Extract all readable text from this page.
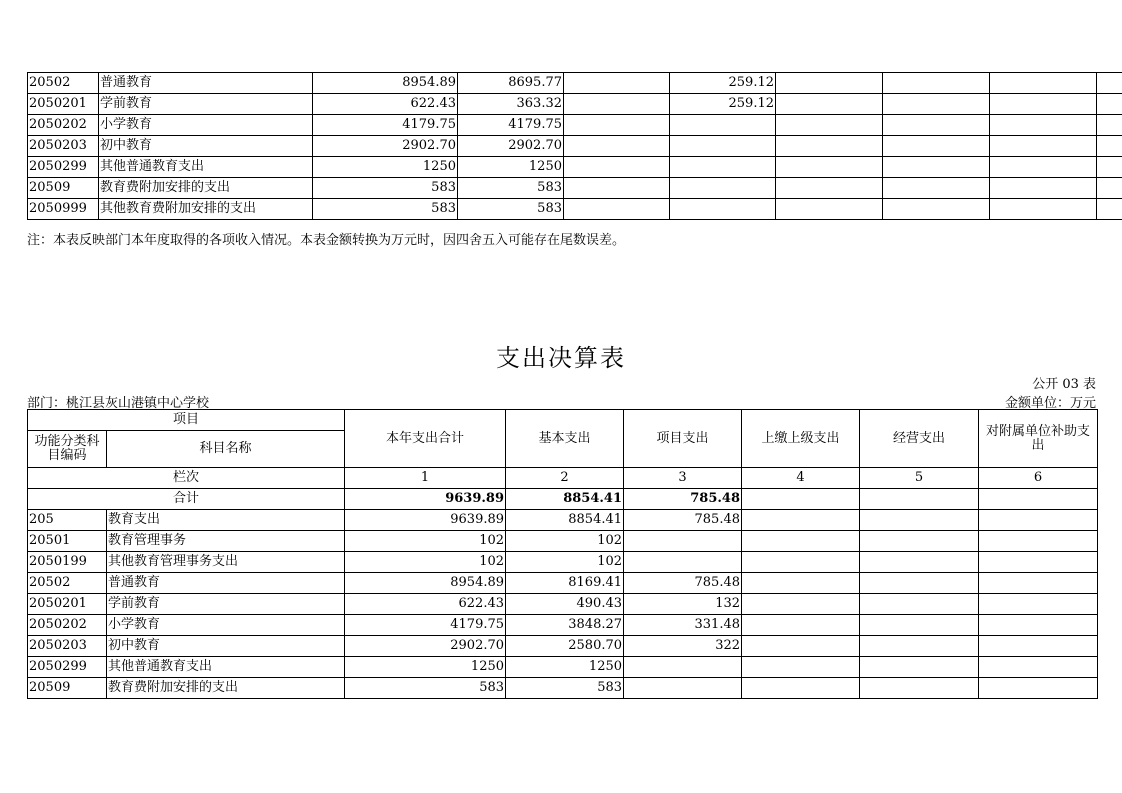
20502	普通教育	8954.89	8695.77		259.12				
2050201	学前教育	622.43	363.32		259.12				
2050202	小学教育	4179.75	4179.75						
2050203	初中教育	2902.70	2902.70						
2050299	其他普通教育支出	1250	1250						
20509	教育费附加安排的支出	583	583						
2050999	其他教育费附加安排的支出	583	583						
注：本表反映部门本年度取得的各项收入情况。本表金额转换为万元时，因四舍五入可能存在尾数误差。
支出决算表
公开 03 表
部门：桃江县灰山港镇中心学校	金额单位：万元
项目		本年支出合计	基本支出	项目支出	上缴上级支出	经营支出	对附属单位补助支出
功能分类科目编码	科目名称						
栏次		1	2	3	4	5	6
合计		9639.89	8854.41	785.48			
205	教育支出	9639.89	8854.41	785.48			
20501	教育管理事务	102	102				
2050199	其他教育管理事务支出	102	102				
20502	普通教育	8954.89	8169.41	785.48			
2050201	学前教育	622.43	490.43	132			
2050202	小学教育	4179.75	3848.27	331.48			
2050203	初中教育	2902.70	2580.70	322			
2050299	其他普通教育支出	1250	1250				
20509	教育费附加安排的支出	583	583				
